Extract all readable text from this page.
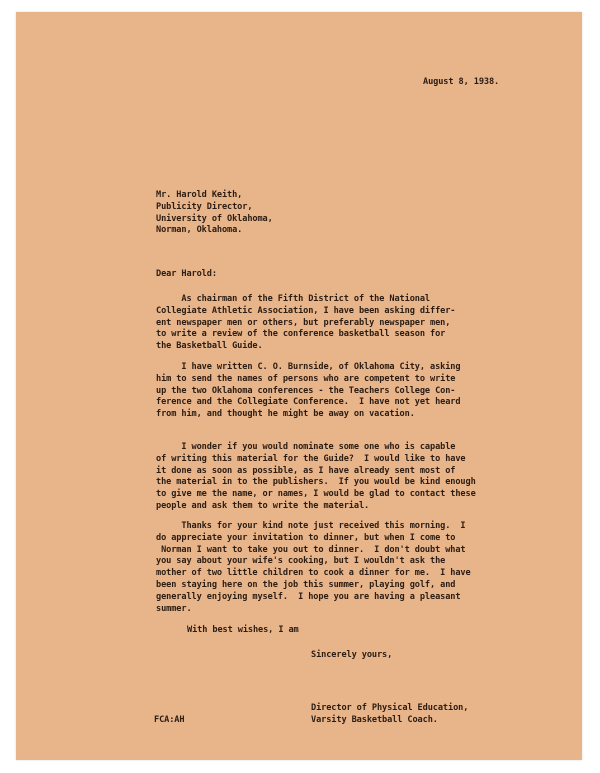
August 8, 1938.
Mr. Harold Keith,
Publicity Director,
University of Oklahoma,
Norman, Oklahoma.
Dear Harold:
As chairman of the Fifth District of the National
Collegiate Athletic Association, I have been asking differ-
ent newspaper men or others, but preferably newspaper men,
to write a review of the conference basketball season for
the Basketball Guide.
I have written C. O. Burnside, of Oklahoma City, asking
him to send the names of persons who are competent to write
up the two Oklahoma conferences - the Teachers College Con-
ference and the Collegiate Conference.  I have not yet heard
from him, and thought he might be away on vacation.
I wonder if you would nominate some one who is capable
of writing this material for the Guide?  I would like to have
it done as soon as possible, as I have already sent most of
the material in to the publishers.  If you would be kind enough
to give me the name, or names, I would be glad to contact these
people and ask them to write the material.
Thanks for your kind note just received this morning.  I
do appreciate your invitation to dinner, but when I come to
Norman I want to take you out to dinner.  I don't doubt what
you say about your wife's cooking, but I wouldn't ask the
mother of two little children to cook a dinner for me.  I have
been staying here on the job this summer, playing golf, and
generally enjoying myself.  I hope you are having a pleasant
summer.
With best wishes, I am
Sincerely yours,
Director of Physical Education,
Varsity Basketball Coach.
FCA:AH
